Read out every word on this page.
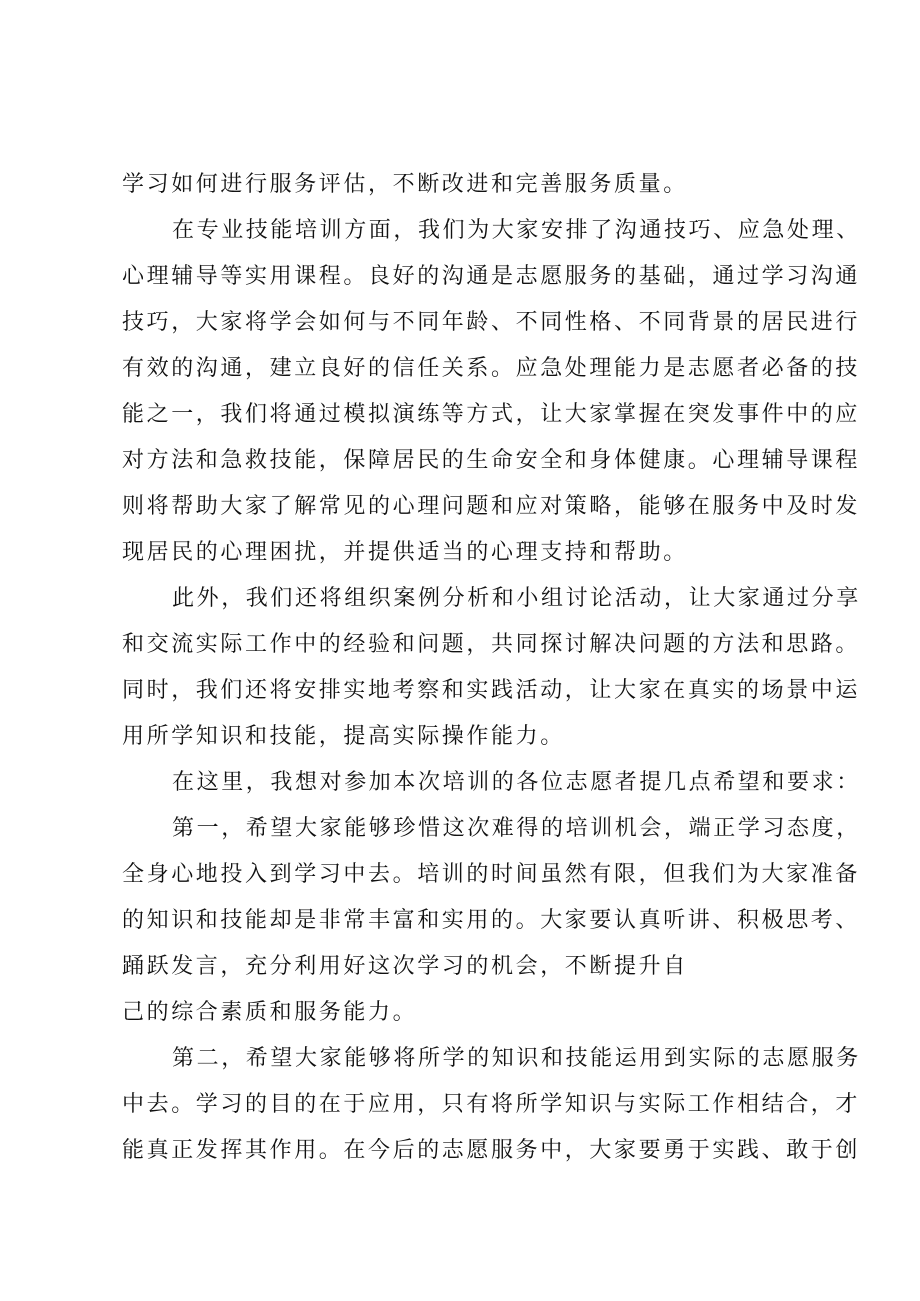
学习如何进行服务评估，不断改进和完善服务质量。

在专业技能培训方面，我们为大家安排了沟通技巧、应急处理、

心理辅导等实用课程。良好的沟通是志愿服务的基础，通过学习沟通

技巧，大家将学会如何与不同年龄、不同性格、不同背景的居民进行

有效的沟通，建立良好的信任关系。应急处理能力是志愿者必备的技

能之一，我们将通过模拟演练等方式，让大家掌握在突发事件中的应

对方法和急救技能，保障居民的生命安全和身体健康。心理辅导课程

则将帮助大家了解常见的心理问题和应对策略，能够在服务中及时发

现居民的心理困扰，并提供适当的心理支持和帮助。

此外，我们还将组织案例分析和小组讨论活动，让大家通过分享

和交流实际工作中的经验和问题，共同探讨解决问题的方法和思路。

同时，我们还将安排实地考察和实践活动，让大家在真实的场景中运

用所学知识和技能，提高实际操作能力。

在这里，我想对参加本次培训的各位志愿者提几点希望和要求：

第一，希望大家能够珍惜这次难得的培训机会，端正学习态度，

全身心地投入到学习中去。培训的时间虽然有限，但我们为大家准备

的知识和技能却是非常丰富和实用的。大家要认真听讲、积极思考、

踊跃发言，充分利用好这次学习的机会，不断提升自

己的综合素质和服务能力。

第二，希望大家能够将所学的知识和技能运用到实际的志愿服务

中去。学习的目的在于应用，只有将所学知识与实际工作相结合，才

能真正发挥其作用。在今后的志愿服务中，大家要勇于实践、敢于创
